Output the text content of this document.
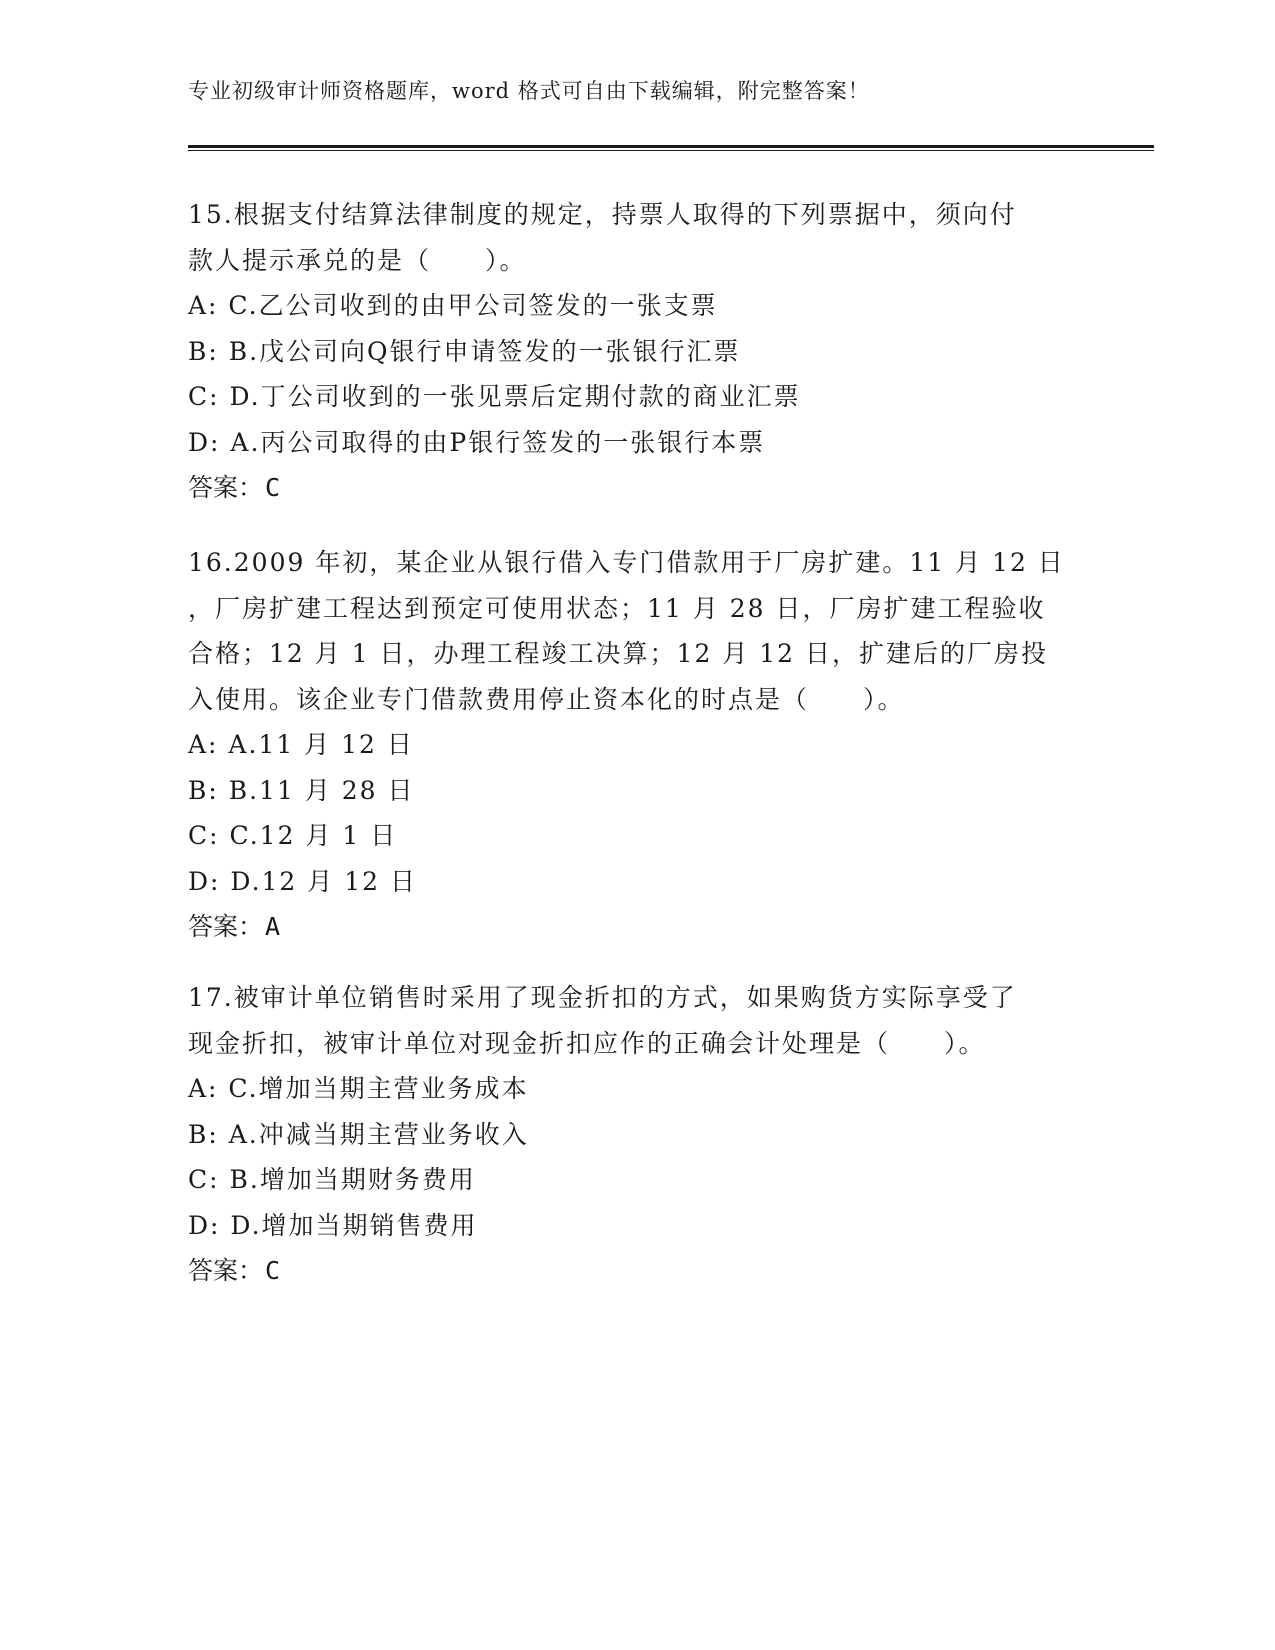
专业初级审计师资格题库，word 格式可自由下载编辑，附完整答案！
15.根据支付结算法律制度的规定，持票人取得的下列票据中，须向付
款人提示承兑的是（　　）。
A: C.乙公司收到的由甲公司签发的一张支票
B: B.戊公司向Q银行申请签发的一张银行汇票
C: D.丁公司收到的一张见票后定期付款的商业汇票
D: A.丙公司取得的由P银行签发的一张银行本票
答案：C
16.2009 年初，某企业从银行借入专门借款用于厂房扩建。11 月 12 日
，厂房扩建工程达到预定可使用状态；11 月 28 日，厂房扩建工程验收
合格；12 月 1 日，办理工程竣工决算；12 月 12 日，扩建后的厂房投
入使用。该企业专门借款费用停止资本化的时点是（　　）。
A: A.11 月 12 日
B: B.11 月 28 日
C: C.12 月 1 日
D: D.12 月 12 日
答案：A
17.被审计单位销售时采用了现金折扣的方式，如果购货方实际享受了
现金折扣，被审计单位对现金折扣应作的正确会计处理是（　　）。
A: C.增加当期主营业务成本
B: A.冲减当期主营业务收入
C: B.增加当期财务费用
D: D.增加当期销售费用
答案：C
